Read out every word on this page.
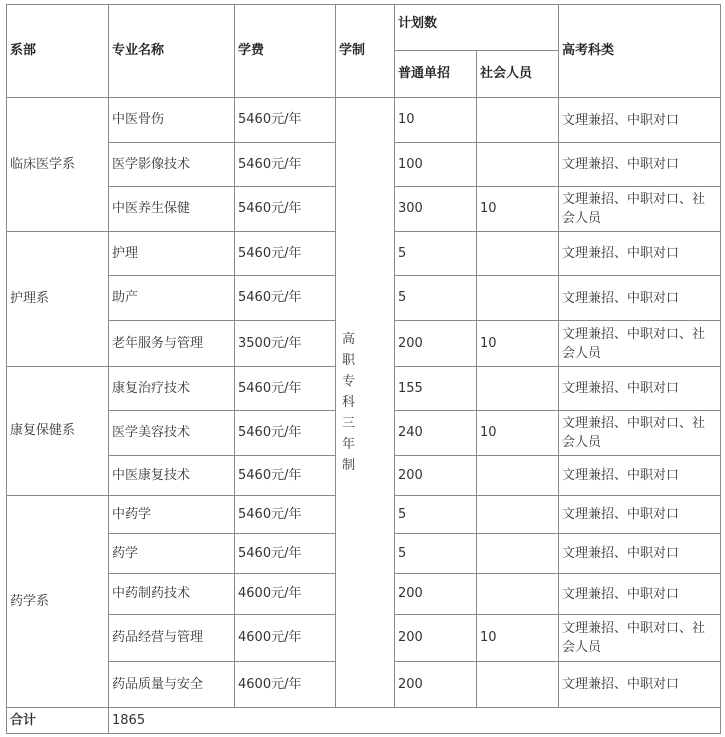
系部	专业名称	学费	学制	计划数		高考科类
				普通单招	社会人员	
临床医学系	中医骨伤	5460元/年	高职专科三年制	10		文理兼招、中职对口
	医学影像技术	5460元/年		100		文理兼招、中职对口
	中医养生保健	5460元/年		300	10	文理兼招、中职对口、社会人员
护理系	护理	5460元/年		5		文理兼招、中职对口
	助产	5460元/年		5		文理兼招、中职对口
	老年服务与管理	3500元/年		200	10	文理兼招、中职对口、社会人员
康复保健系	康复治疗技术	5460元/年		155		文理兼招、中职对口
	医学美容技术	5460元/年		240	10	文理兼招、中职对口、社会人员
	中医康复技术	5460元/年		200		文理兼招、中职对口
药学系	中药学	5460元/年		5		文理兼招、中职对口
	药学	5460元/年		5		文理兼招、中职对口
	中药制药技术	4600元/年		200		文理兼招、中职对口
	药品经营与管理	4600元/年		200	10	文理兼招、中职对口、社会人员
	药品质量与安全	4600元/年		200		文理兼招、中职对口
合计	1865					
